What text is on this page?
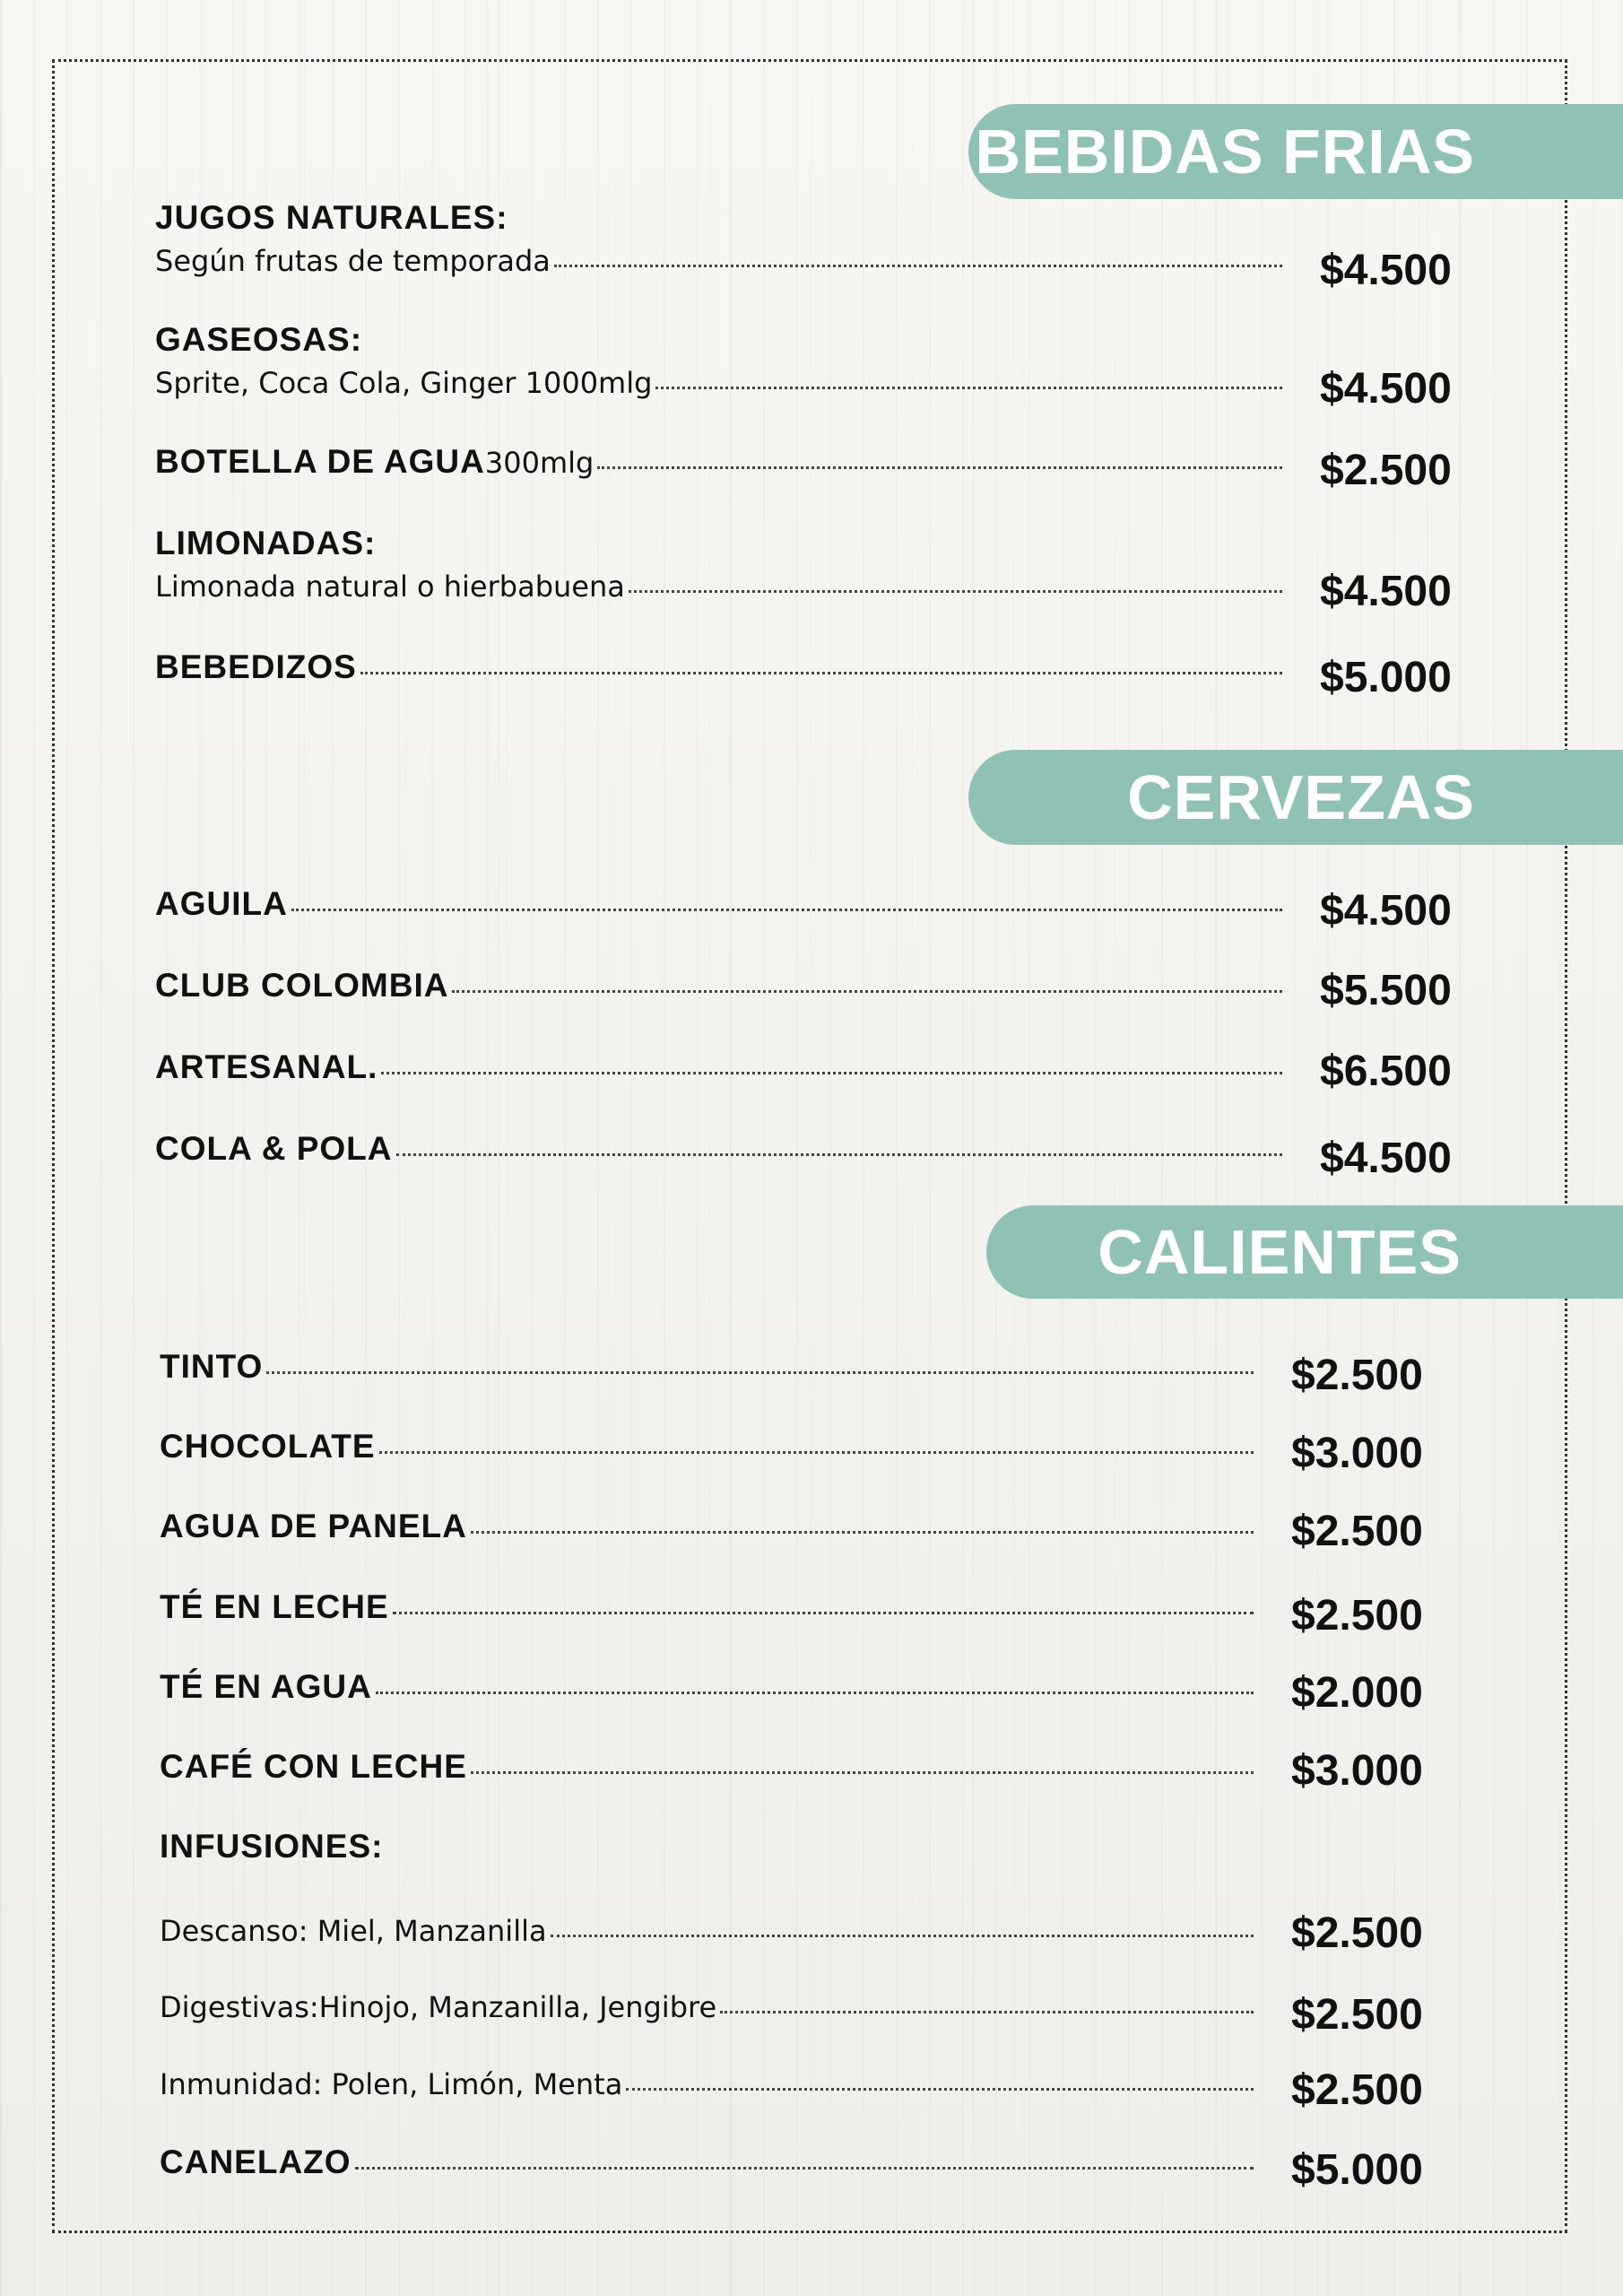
BEBIDAS FRIAS
JUGOS NATURALES:
Según frutas de temporada	$4.500
GASEOSAS:
Sprite, Coca Cola, Ginger 1000mlg	$4.500
BOTELLA DE AGUA 300mlg	$2.500
LIMONADAS:
Limonada natural o hierbabuena	$4.500
BEBEDIZOS	$5.000
CERVEZAS
AGUILA	$4.500
CLUB COLOMBIA	$5.500
ARTESANAL.	$6.500
COLA & POLA	$4.500
CALIENTES
TINTO	$2.500
CHOCOLATE	$3.000
AGUA DE PANELA	$2.500
TÉ EN LECHE	$2.500
TÉ EN AGUA	$2.000
CAFÉ CON LECHE	$3.000
INFUSIONES:
Descanso: Miel, Manzanilla	$2.500
Digestivas:Hinojo, Manzanilla, Jengibre	$2.500
Inmunidad: Polen, Limón, Menta	$2.500
CANELAZO	$5.000
